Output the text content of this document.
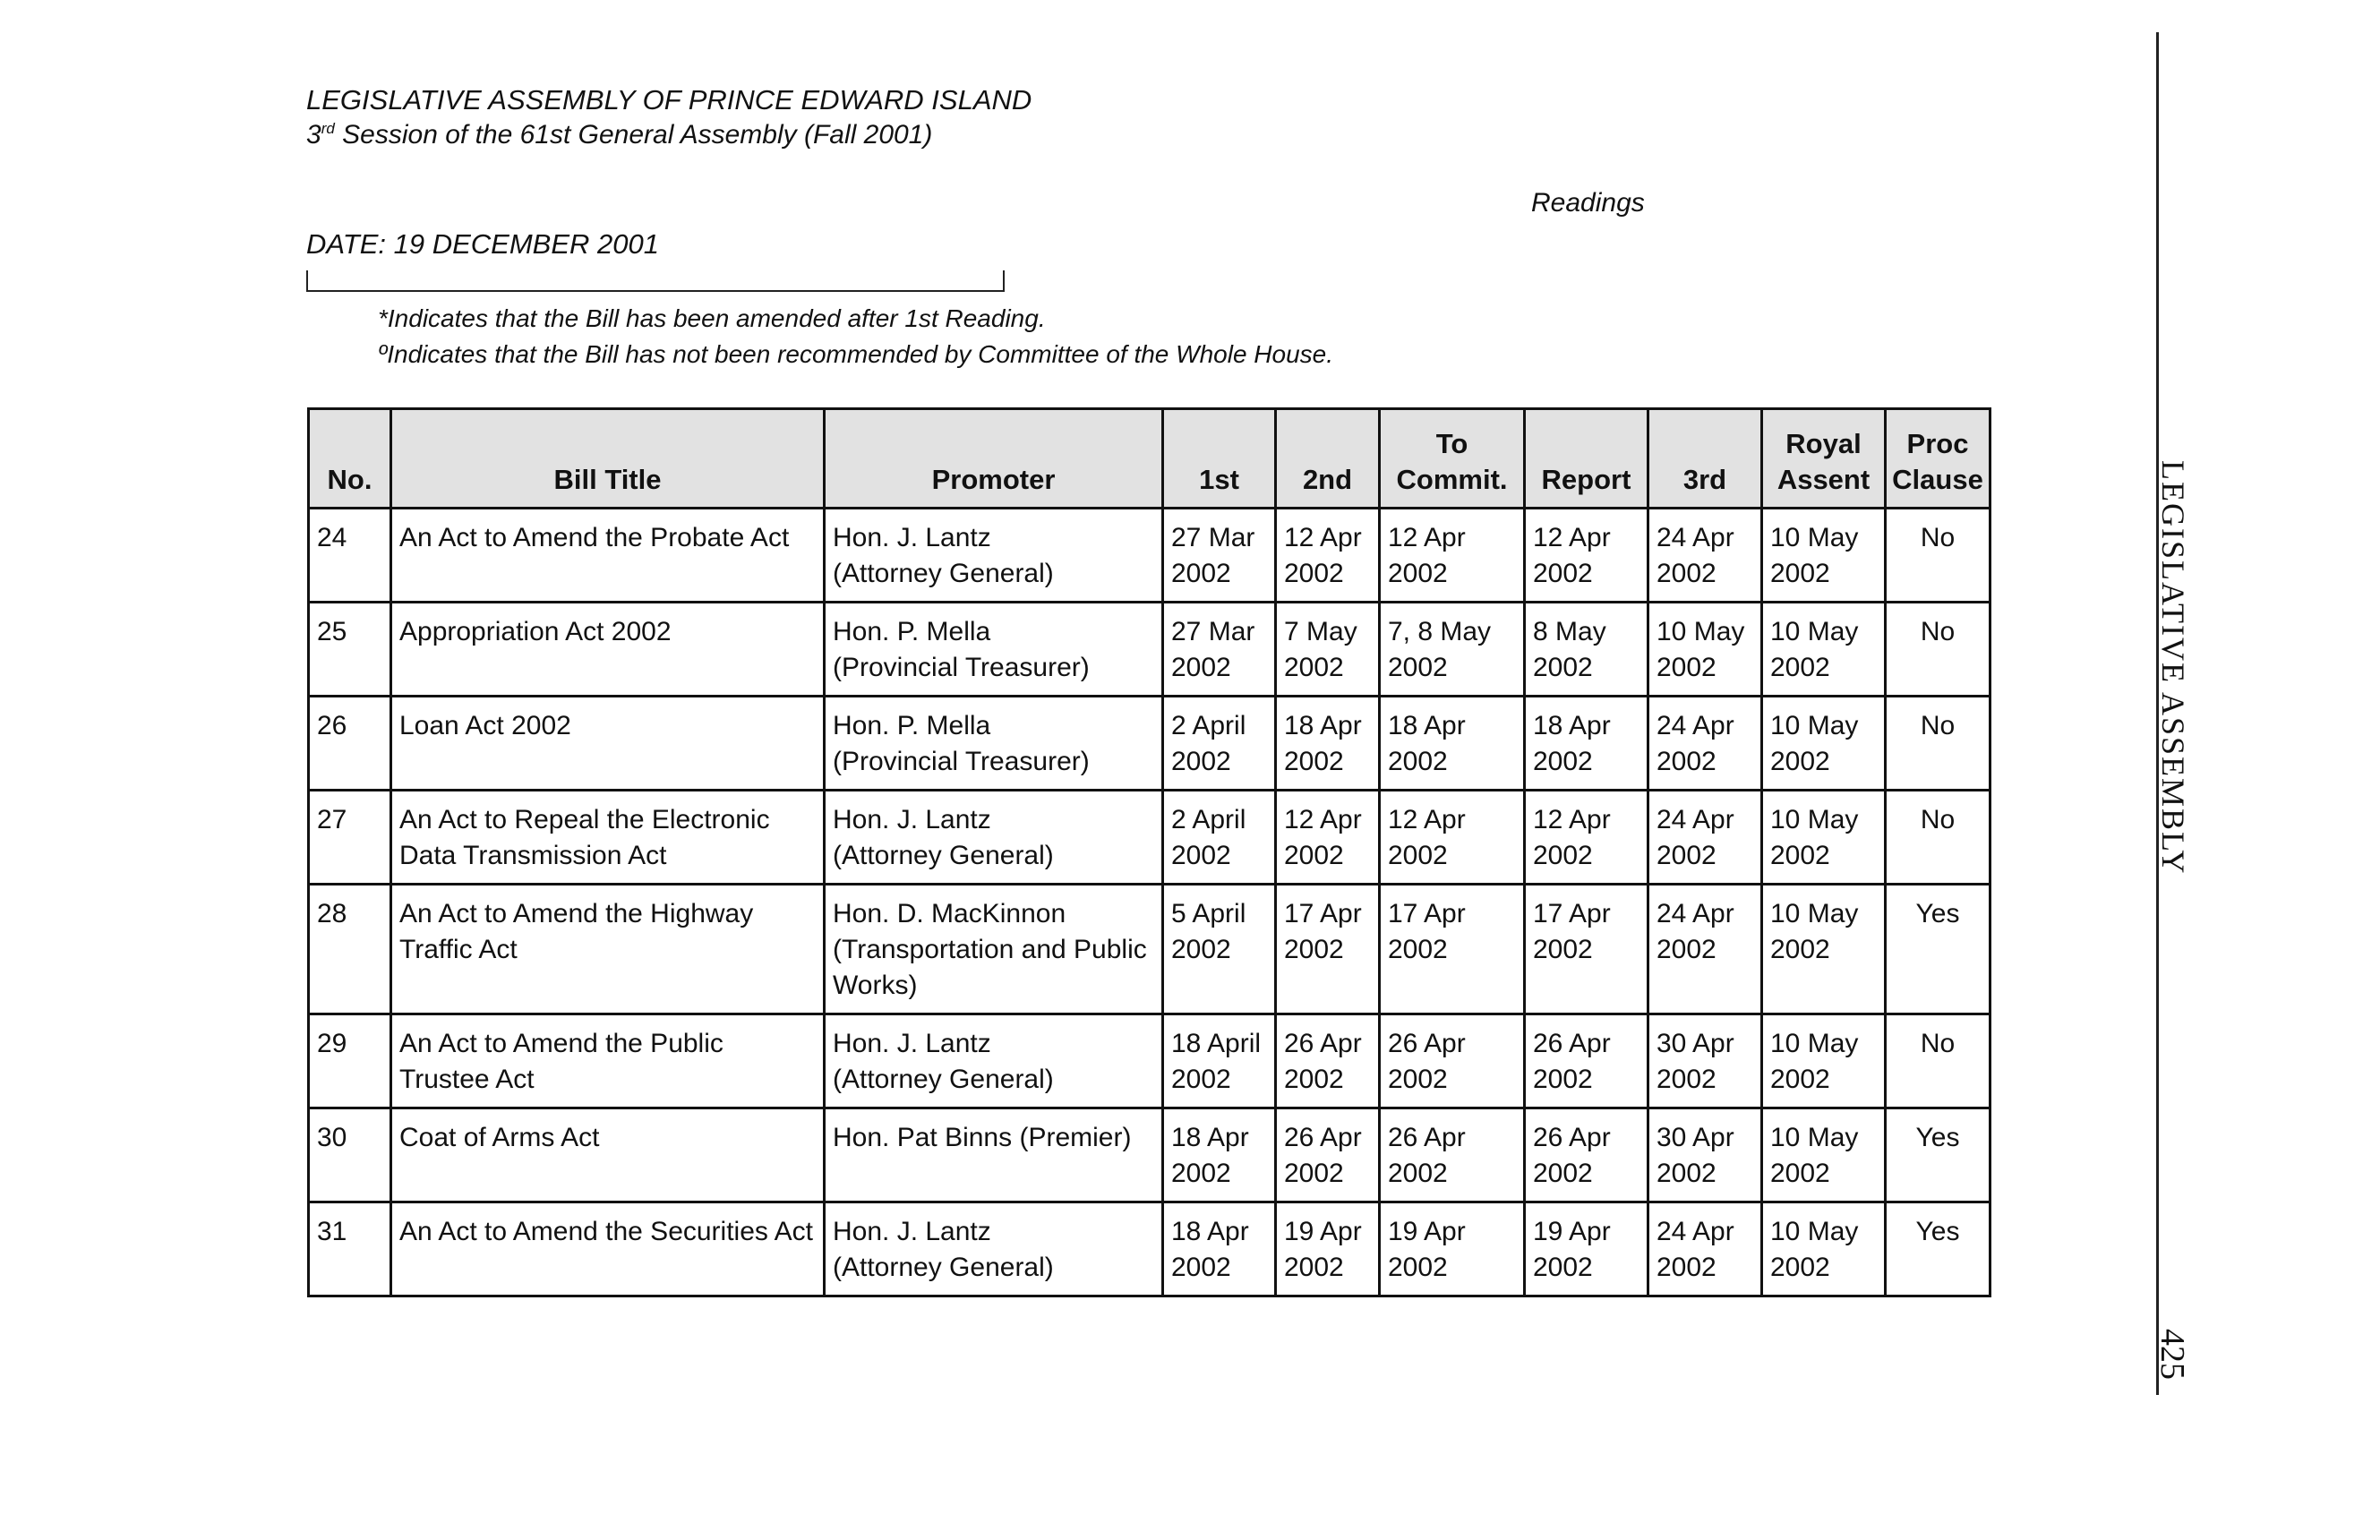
LEGISLATIVE ASSEMBLY OF PRINCE EDWARD ISLAND
3rd Session of the 61st General Assembly (Fall 2001)
Readings
DATE: 19 DECEMBER 2001
*Indicates that the Bill has been amended after 1st Reading.
ºIndicates that the Bill has not been recommended by Committee of the Whole House.
No.	Bill Title	Promoter	1st	2nd	To
Commit.	Report	3rd	Royal
Assent	Proc
Clause

24	An Act to Amend the Probate Act	Hon. J. Lantz
(Attorney General)	27 Mar
2002	12 Apr
2002	12 Apr
2002	12 Apr
2002	24 Apr
2002	10 May
2002	No
25	Appropriation Act 2002	Hon. P. Mella
(Provincial Treasurer)	27 Mar
2002	7 May
2002	7, 8 May
2002	8 May
2002	10 May
2002	10 May
2002	No
26	Loan Act 2002	Hon. P. Mella
(Provincial Treasurer)	2 April
2002	18 Apr
2002	18 Apr
2002	18 Apr
2002	24 Apr
2002	10 May
2002	No
27	An Act to Repeal the Electronic Data Transmission Act	Hon. J. Lantz
(Attorney General)	2 April
2002	12 Apr
2002	12 Apr
2002	12 Apr
2002	24 Apr
2002	10 May
2002	No
28	An Act to Amend the Highway Traffic Act	Hon. D. MacKinnon
(Transportation and Public
Works)	5 April
2002	17 Apr
2002	17 Apr
2002	17 Apr
2002	24 Apr
2002	10 May
2002	Yes
29	An Act to Amend the Public Trustee Act	Hon. J. Lantz
(Attorney General)	18 April
2002	26 Apr
2002	26 Apr
2002	26 Apr
2002	30 Apr
2002	10 May
2002	No
30	Coat of Arms Act	Hon. Pat Binns (Premier)	18 Apr
2002	26 Apr
2002	26 Apr
2002	26 Apr
2002	30 Apr
2002	10 May
2002	Yes
31	An Act to Amend the Securities Act	Hon. J. Lantz
(Attorney General)	18 Apr
2002	19 Apr
2002	19 Apr
2002	19 Apr
2002	24 Apr
2002	10 May
2002	Yes
LEGISLATIVE ASSEMBLY
425
